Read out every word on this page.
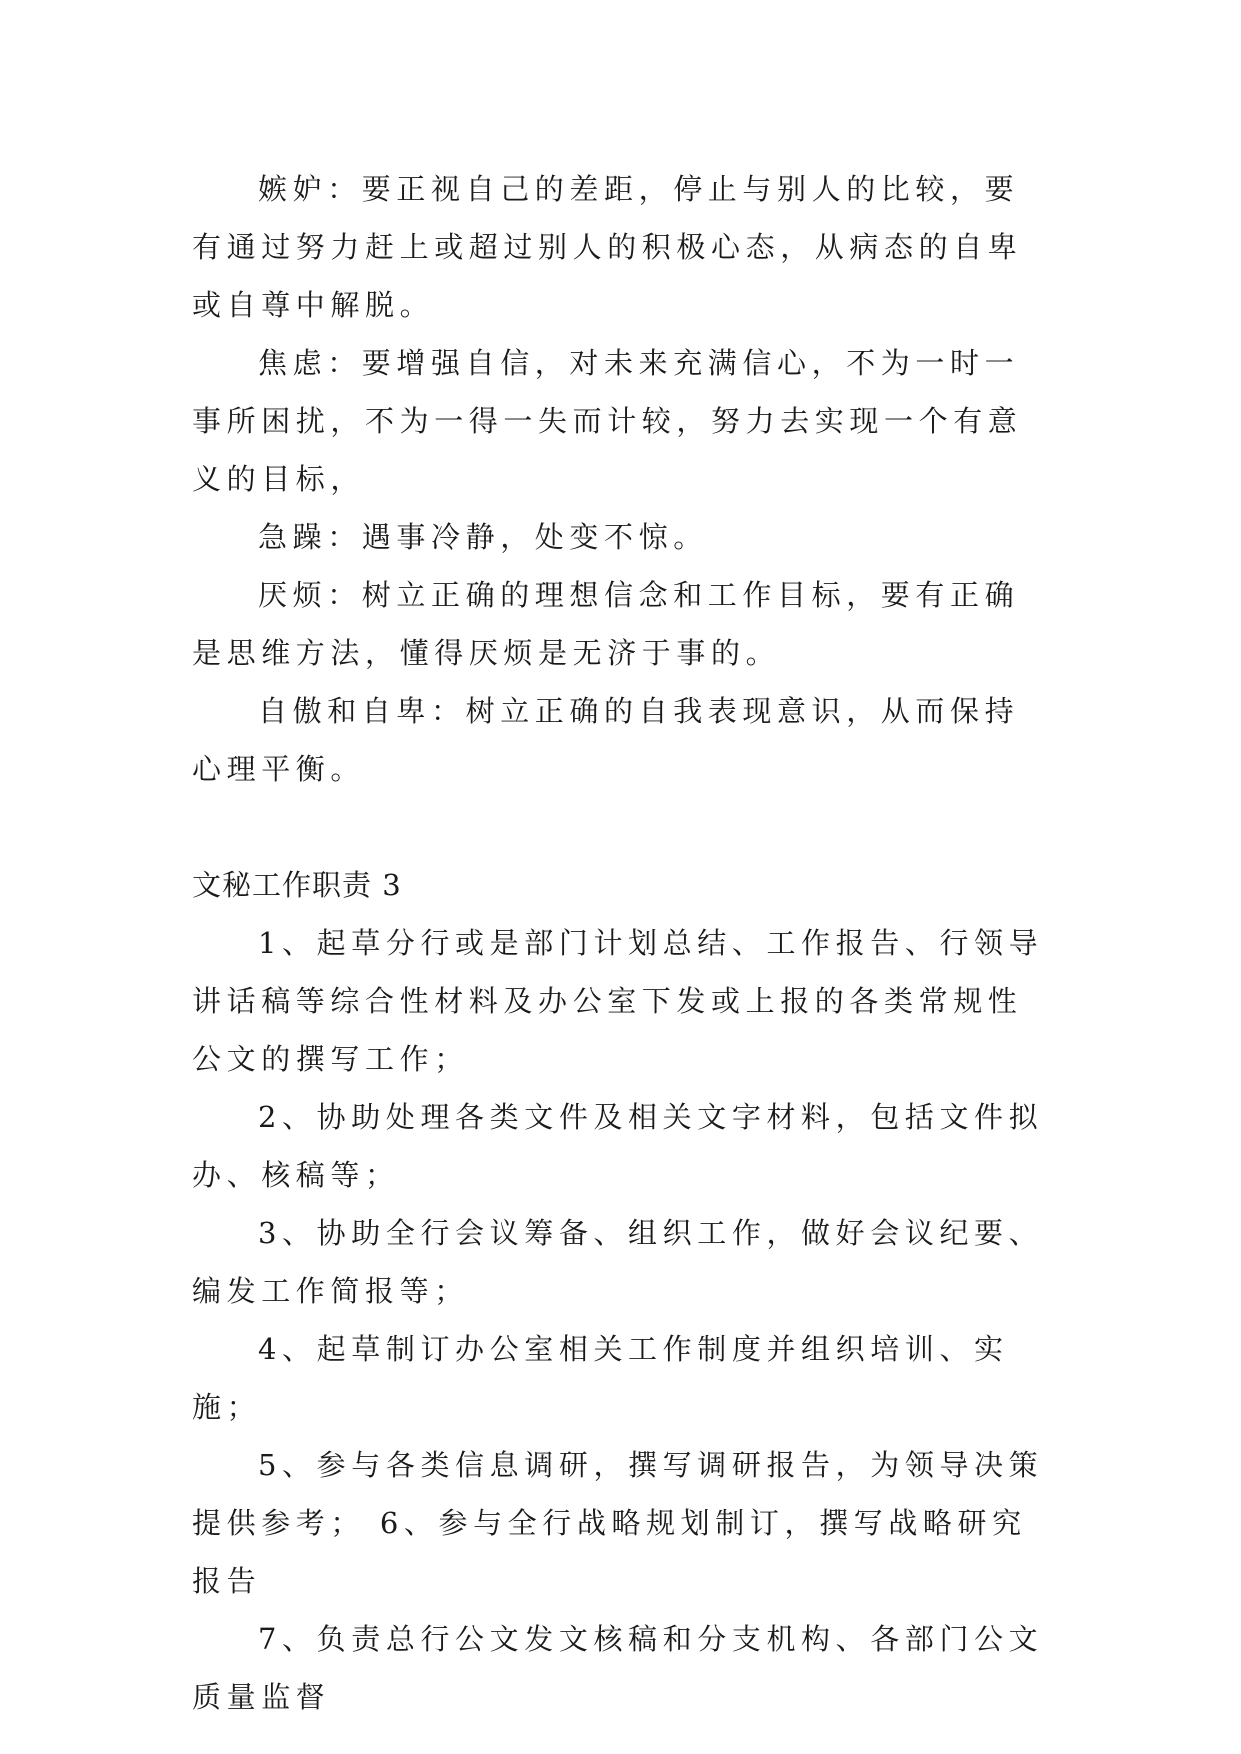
嫉妒：要正视自己的差距，停止与别人的比较，要有通过努力赶上或超过别人的积极心态，从病态的自卑或自尊中解脱。

焦虑：要增强自信，对未来充满信心，不为一时一事所困扰，不为一得一失而计较，努力去实现一个有意义的目标，

急躁：遇事冷静，处变不惊。

厌烦：树立正确的理想信念和工作目标，要有正确是思维方法，懂得厌烦是无济于事的。

自傲和自卑：树立正确的自我表现意识，从而保持心理平衡。

文秘工作职责 3

1、起草分行或是部门计划总结、工作报告、行领导讲话稿等综合性材料及办公室下发或上报的各类常规性公文的撰写工作；

2、协助处理各类文件及相关文字材料，包括文件拟办、核稿等；

3、协助全行会议筹备、组织工作，做好会议纪要、编发工作简报等；

4、起草制订办公室相关工作制度并组织培训、实施；

5、参与各类信息调研，撰写调研报告，为领导决策提供参考； 6、参与全行战略规划制订，撰写战略研究报告

7、负责总行公文发文核稿和分支机构、各部门公文质量监督
